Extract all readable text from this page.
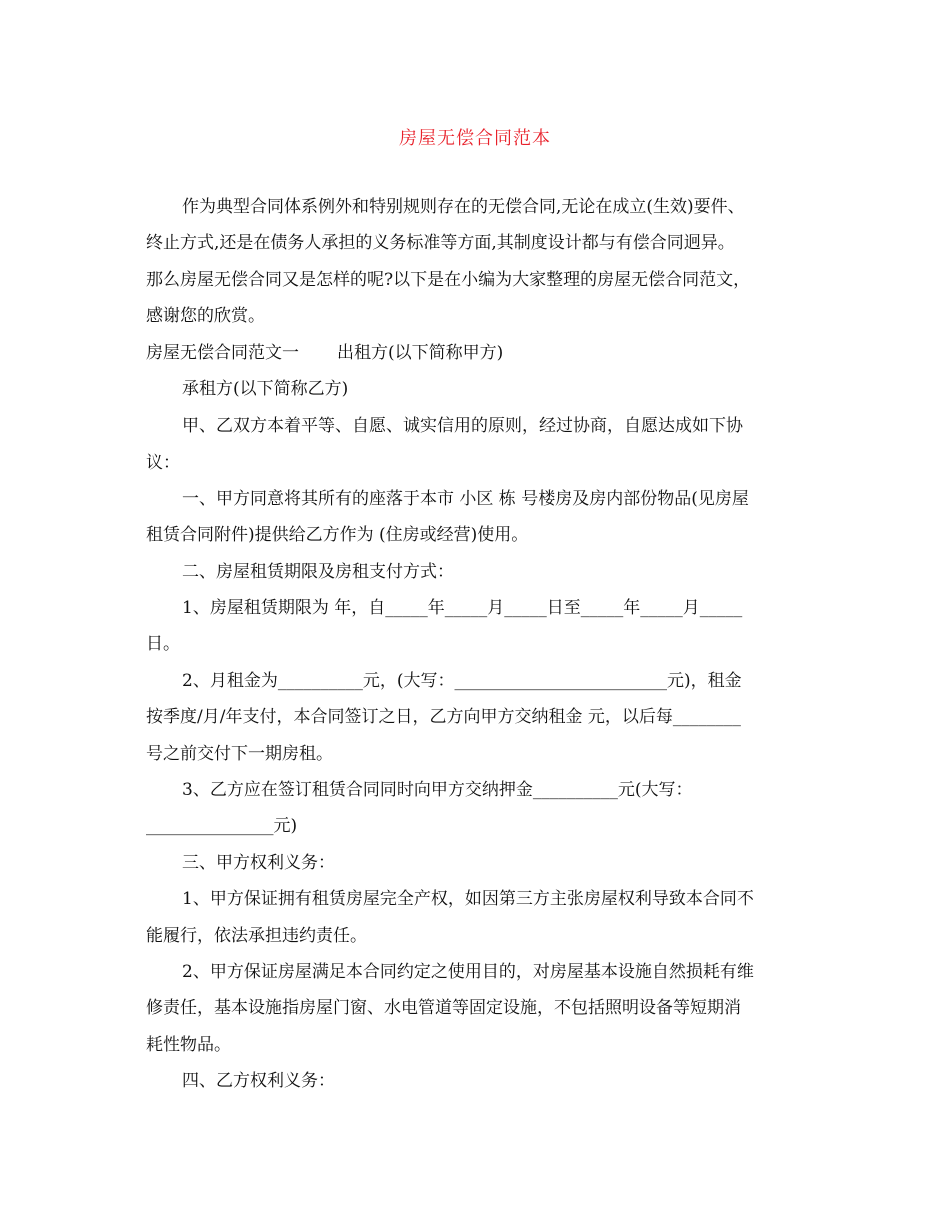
房屋无偿合同范本
作为典型合同体系例外和特别规则存在的无偿合同,无论在成立(生效)要件、
终止方式,还是在债务人承担的义务标准等方面,其制度设计都与有偿合同迥异。
那么房屋无偿合同又是怎样的呢?以下是在小编为大家整理的房屋无偿合同范文，
感谢您的欣赏。
房屋无偿合同范文一 出租方(以下简称甲方)
承租方(以下简称乙方)
甲、乙双方本着平等、自愿、诚实信用的原则，经过协商，自愿达成如下协
议：
一、甲方同意将其所有的座落于本市 小区 栋 号楼房及房内部份物品(见房屋
租赁合同附件)提供给乙方作为 (住房或经营)使用。
二、房屋租赁期限及房租支付方式：
1、房屋租赁期限为 年，自_____年_____月_____日至_____年_____月_____
日。
2、月租金为__________元，(大写：_________________________元)，租金
按季度/月/年支付，本合同签订之日，乙方向甲方交纳租金 元，以后每________
号之前交付下一期房租。
3、乙方应在签订租赁合同同时向甲方交纳押金__________元(大写：
_______________元)
三、甲方权利义务：
1、甲方保证拥有租赁房屋完全产权，如因第三方主张房屋权利导致本合同不
能履行，依法承担违约责任。
2、甲方保证房屋满足本合同约定之使用目的，对房屋基本设施自然损耗有维
修责任，基本设施指房屋门窗、水电管道等固定设施，不包括照明设备等短期消
耗性物品。
四、乙方权利义务：
